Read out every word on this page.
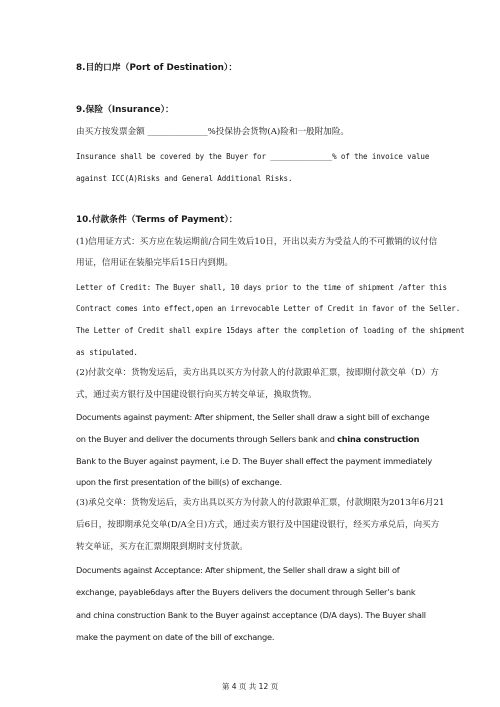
8.目的口岸（Port of Destination）：
9.保险（Insurance）：
由买方按发票金额 ______________%投保协会货物(A)险和一般附加险。
Insurance shall be covered by the Buyer for ______________% of the invoice value
against ICC(A)Risks and General Additional Risks.
10.付款条件（Terms of Payment）：
(1)信用证方式：买方应在装运期前/合同生效后10日，开出以卖方为受益人的不可撤销的议付信
用证，信用证在装船完毕后15日内到期。
Letter of Credit: The Buyer shall, 10 days prior to the time of shipment /after this
Contract comes into effect,open an irrevocable Letter of Credit in favor of the Seller.
The Letter of Credit shall expire 15days after the completion of loading of the shipment
as stipulated.
(2)付款交单：货物发运后，卖方出具以买方为付款人的付款跟单汇票，按即期付款交单（D）方
式，通过卖方银行及中国建设银行向买方转交单证，换取货物。
Documents against payment: After shipment, the Seller shall draw a sight bill of exchange
on the Buyer and deliver the documents through Sellers bank and china construction
Bank to the Buyer against payment, i.e D. The Buyer shall effect the payment immediately
upon the first presentation of the bill(s) of exchange.
(3)承兑交单：货物发运后，卖方出具以买方为付款人的付款跟单汇票，付款期限为2013年6月21
后6日，按即期承兑交单(D/A全日)方式，通过卖方银行及中国建设银行，经买方承兑后，向买方
转交单证，买方在汇票期限到期时支付货款。
Documents against Acceptance: After shipment, the Seller shall draw a sight bill of
exchange, payable6days after the Buyers delivers the document through Seller’s bank
and china construction Bank to the Buyer against acceptance (D/A days). The Buyer shall
make the payment on date of the bill of exchange.
第 4 页 共 12 页
